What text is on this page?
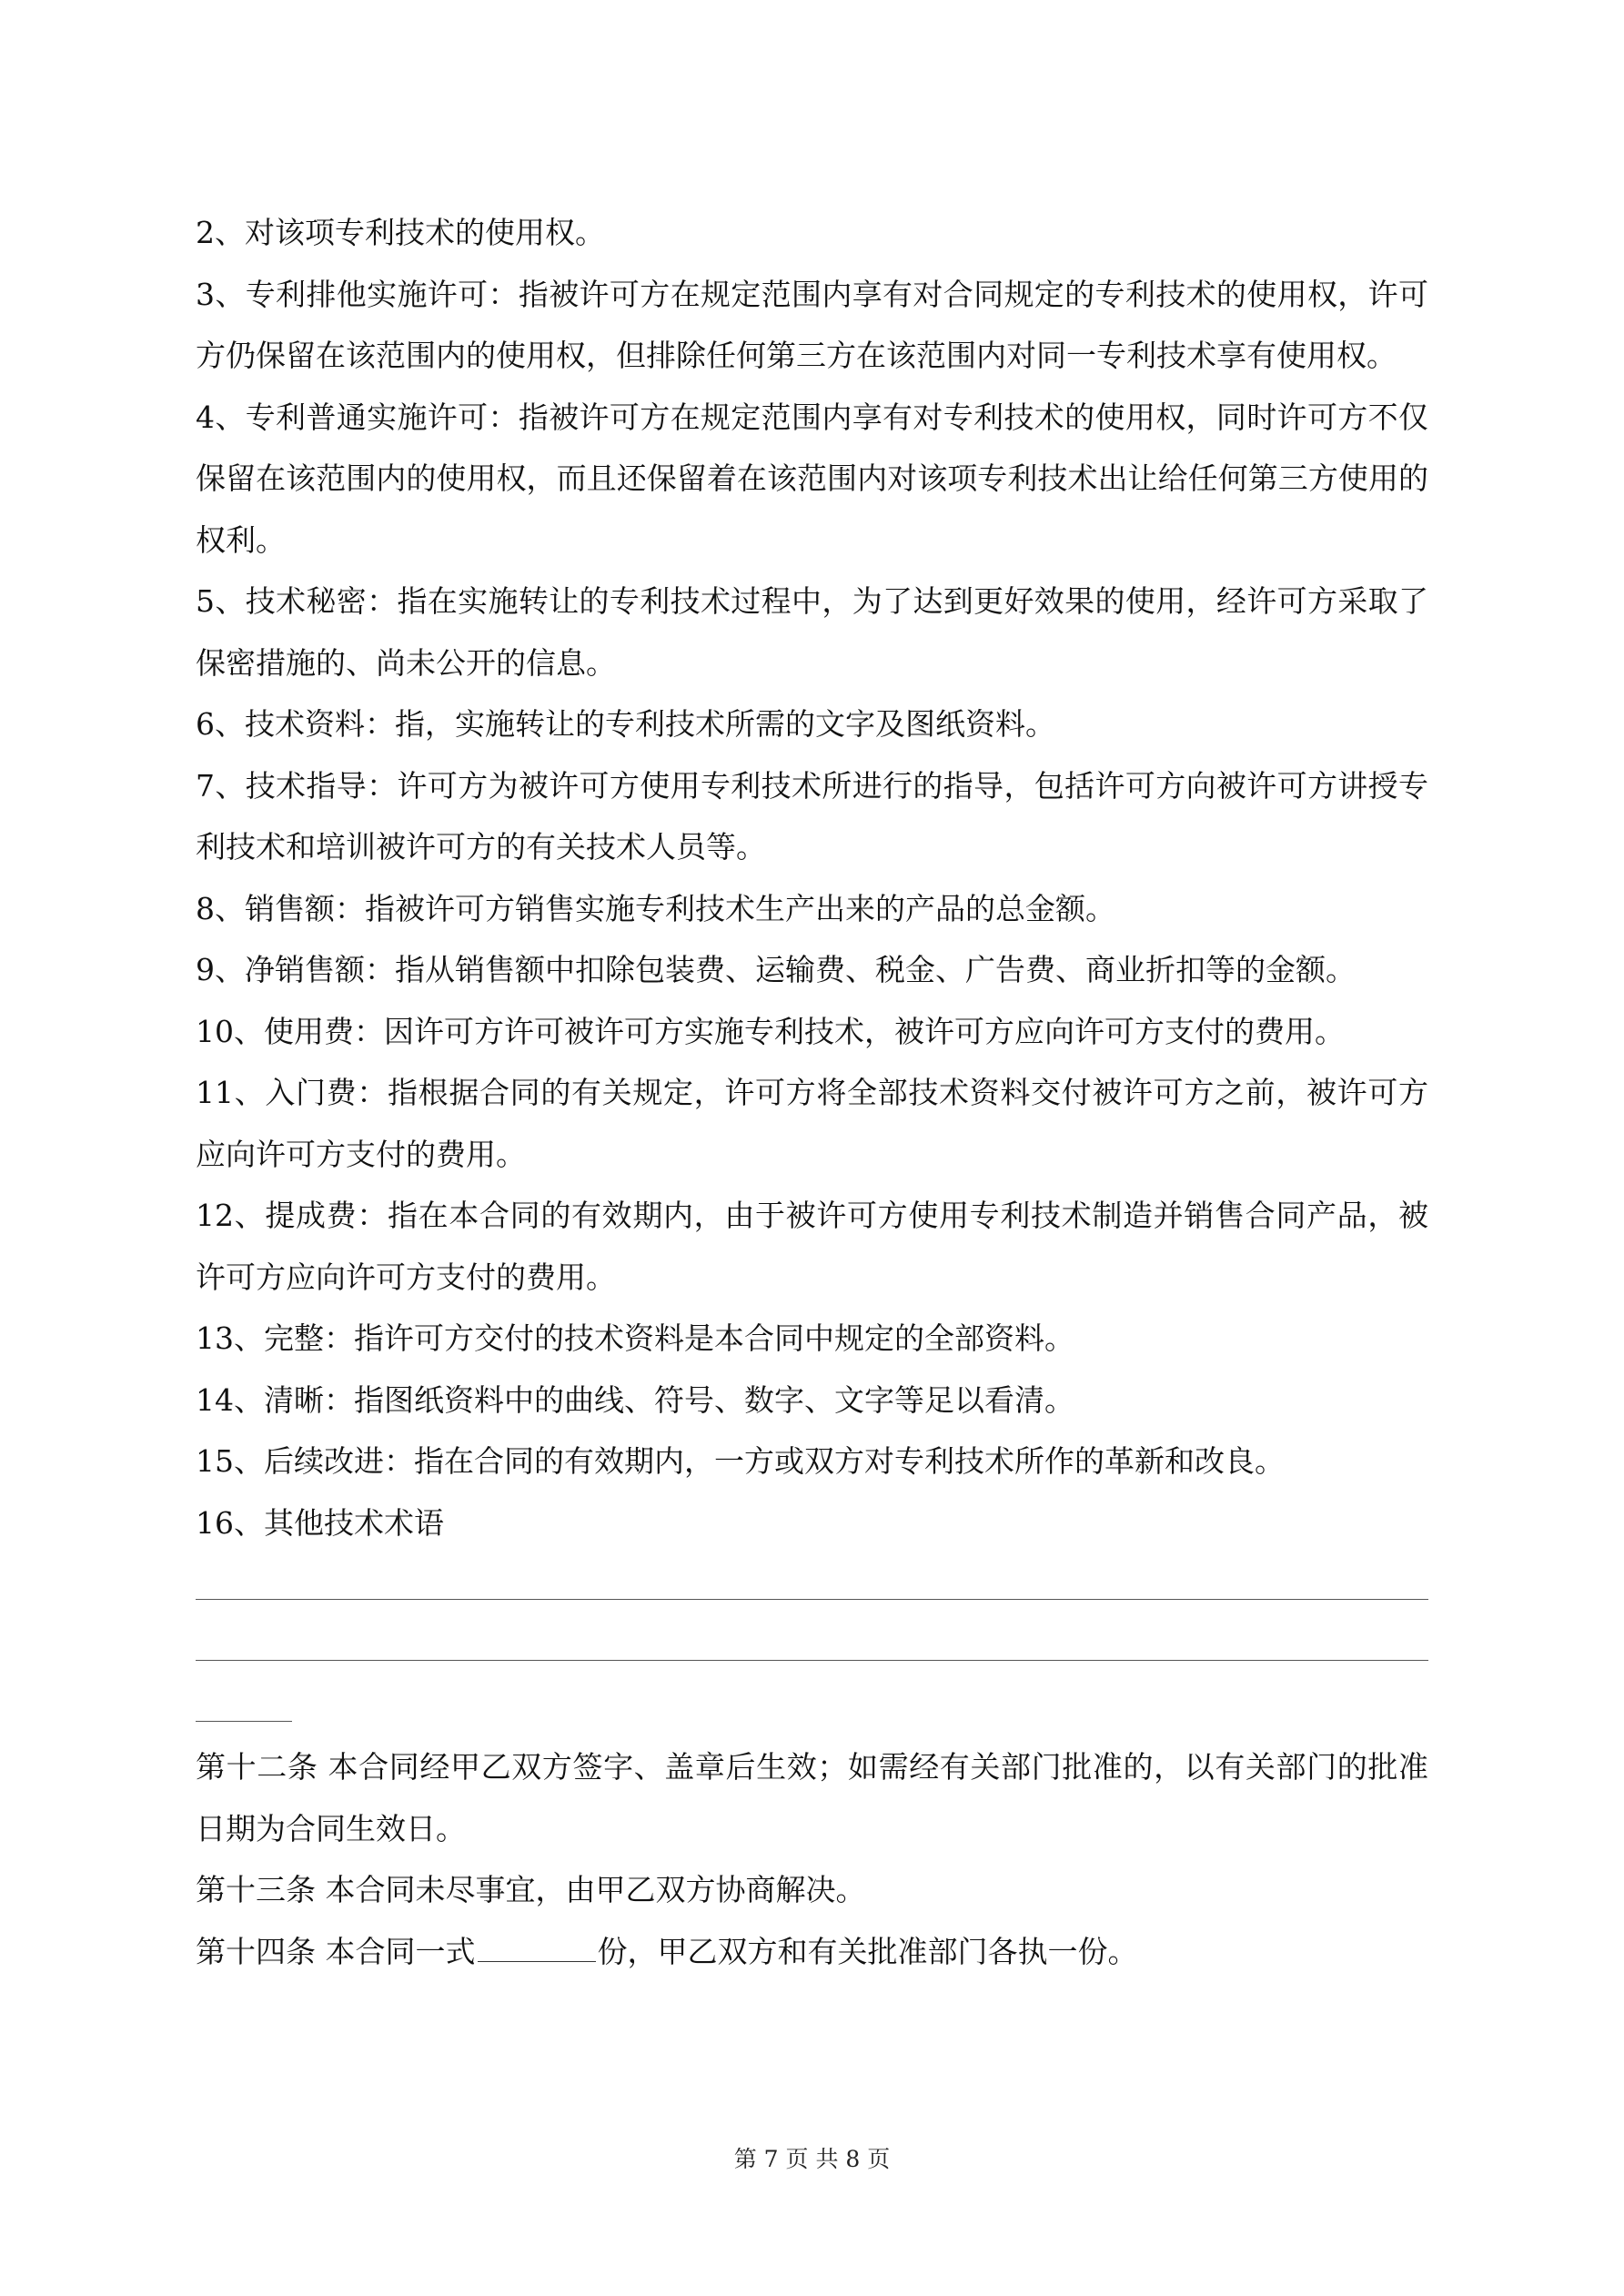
2、对该项专利技术的使用权。

3、专利排他实施许可：指被许可方在规定范围内享有对合同规定的专利技术的使用权，许可方仍保留在该范围内的使用权，但排除任何第三方在该范围内对同一专利技术享有使用权。

4、专利普通实施许可：指被许可方在规定范围内享有对专利技术的使用权，同时许可方不仅保留在该范围内的使用权，而且还保留着在该范围内对该项专利技术出让给任何第三方使用的权利。

5、技术秘密：指在实施转让的专利技术过程中，为了达到更好效果的使用，经许可方采取了保密措施的、尚未公开的信息。

6、技术资料：指，实施转让的专利技术所需的文字及图纸资料。

7、技术指导：许可方为被许可方使用专利技术所进行的指导，包括许可方向被许可方讲授专利技术和培训被许可方的有关技术人员等。

8、销售额：指被许可方销售实施专利技术生产出来的产品的总金额。

9、净销售额：指从销售额中扣除包装费、运输费、税金、广告费、商业折扣等的金额。

10、使用费：因许可方许可被许可方实施专利技术，被许可方应向许可方支付的费用。

11、入门费：指根据合同的有关规定，许可方将全部技术资料交付被许可方之前，被许可方应向许可方支付的费用。

12、提成费：指在本合同的有效期内，由于被许可方使用专利技术制造并销售合同产品，被许可方应向许可方支付的费用。

13、完整：指许可方交付的技术资料是本合同中规定的全部资料。

14、清晰：指图纸资料中的曲线、符号、数字、文字等足以看清。

15、后续改进：指在合同的有效期内，一方或双方对专利技术所作的革新和改良。

16、其他技术术语

第十二条 本合同经甲乙双方签字、盖章后生效；如需经有关部门批准的，以有关部门的批准日期为合同生效日。

第十三条 本合同未尽事宜，由甲乙双方协商解决。

第十四条 本合同一式	份，甲乙双方和有关批准部门各执一份。

第 7 页 共 8 页
